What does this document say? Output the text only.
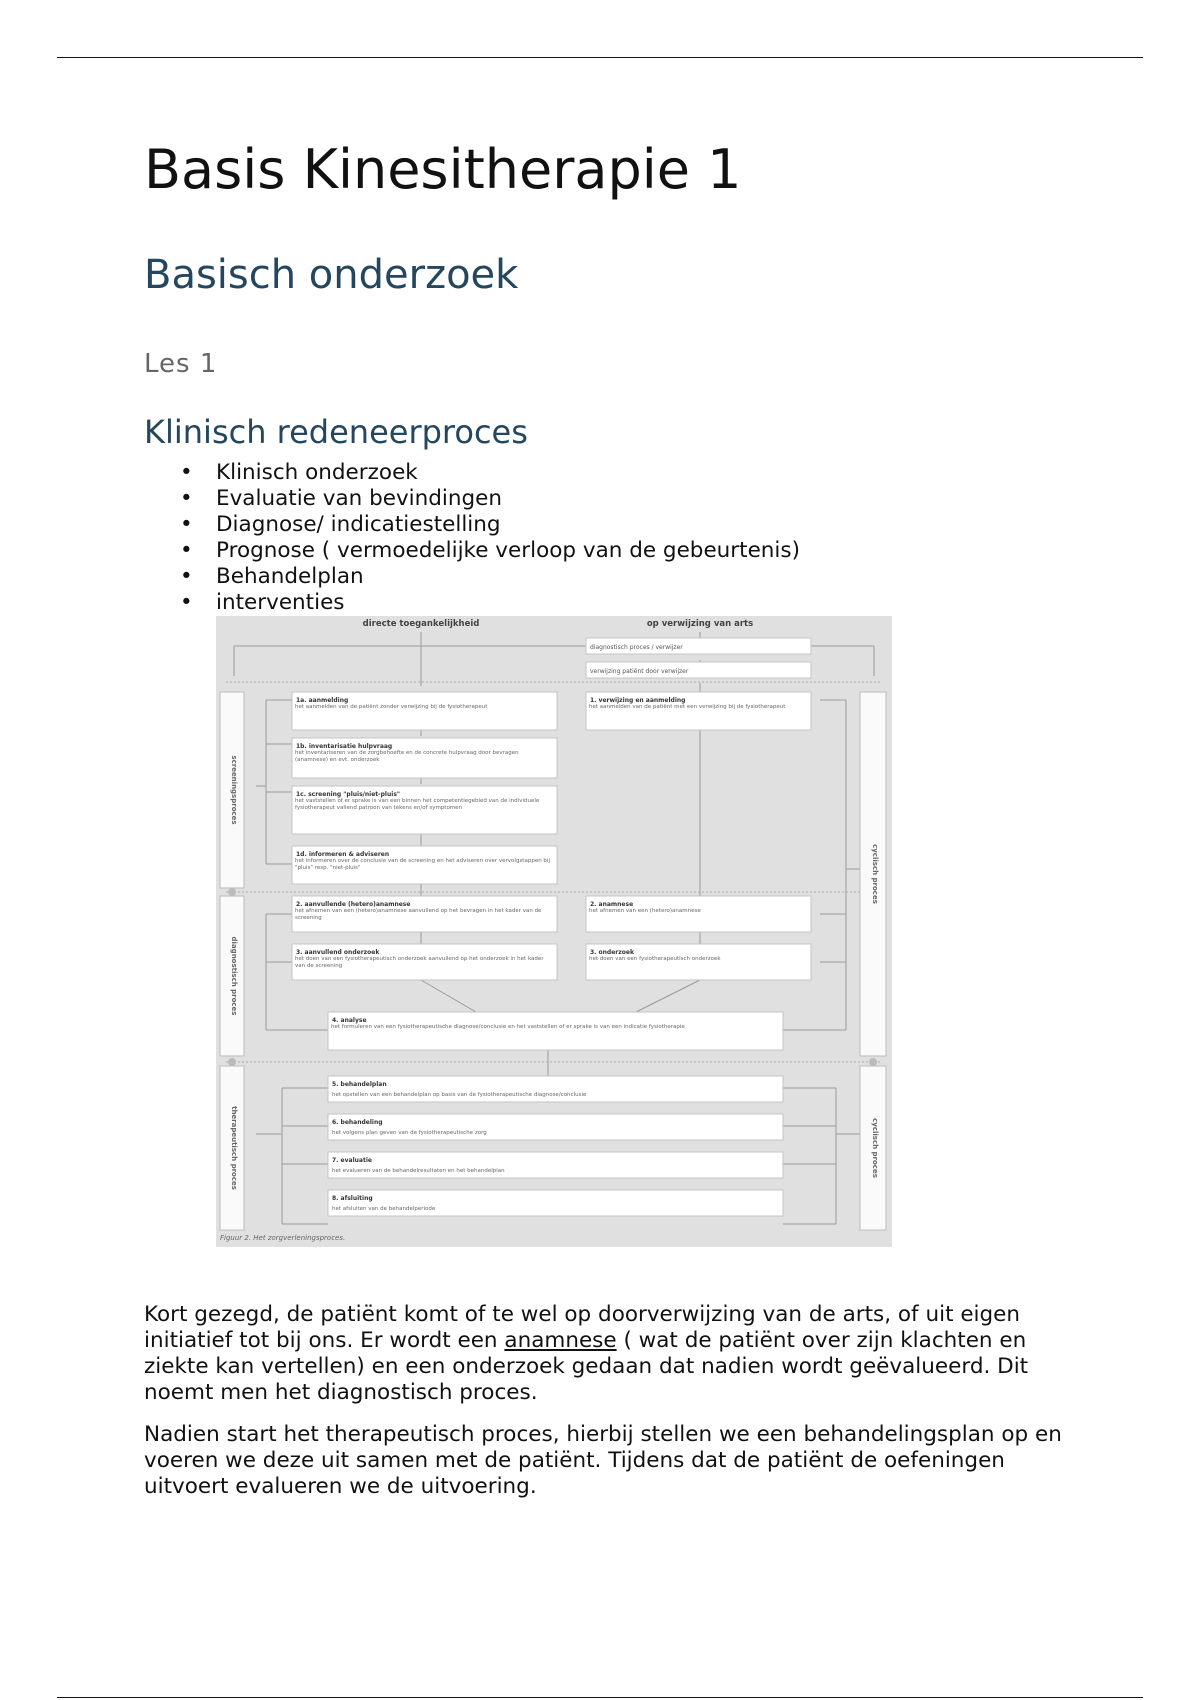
Basis Kinesitherapie 1
Basisch onderzoek
Les 1
Klinisch redeneerproces
• Klinisch onderzoek
• Evaluatie van bevindingen
• Diagnose/ indicatiestelling
• Prognose ( vermoedelijke verloop van de gebeurtenis)
• Behandelplan
• interventies

Kort gezegd, de patiënt komt of te wel op doorverwijzing van de arts, of uit eigen initiatief tot bij ons. Er wordt een anamnese ( wat de patiënt over zijn klachten en ziekte kan vertellen) en een onderzoek gedaan dat nadien wordt geëvalueerd. Dit noemt men het diagnostisch proces.

Nadien start het therapeutisch proces, hierbij stellen we een behandelingsplan op en voeren we deze uit samen met de patiënt. Tijdens dat de patiënt de oefeningen uitvoert evalueren we de uitvoering.

directe toegankelijkheid	op verwijzing van arts
screeningsproces
diagnostisch proces
therapeutisch proces
cyclisch proces
cyclisch proces
diagnostisch proces / verwijzer
verwijzing patiënt door verwijzer
1a. aanmelding
het aanmelden van de patiënt zonder verwijzing bij de fysiotherapeut
1. verwijzing en aanmelding
het aanmelden van de patiënt met een verwijzing bij de fysiotherapeut
1b. inventarisatie hulpvraag
het inventariseren van de zorgbehoefte en de concrete hulpvraag door bevragen (anamnese) en evt. onderzoek
1c. screening "pluis/niet-pluis"
het vaststellen of er sprake is van een binnen het competentiegebied van de individuele fysiotherapeut vallend patroon van tekens en/of symptomen
1d. informeren & adviseren
het informeren over de conclusie van de screening en het adviseren over vervolgstappen bij "pluis" resp. "niet-pluis"
2. aanvullende (hetero)anamnese
het afnemen van een (hetero)anamnese aanvullend op het bevragen in het kader van de screening
2. anamnese
het afnemen van een (hetero)anamnese
3. aanvullend onderzoek
het doen van een fysiotherapeutisch onderzoek aanvullend op het onderzoek in het kader van de screening
3. onderzoek
het doen van een fysiotherapeutisch onderzoek
4. analyse
het formuleren van een fysiotherapeutische diagnose/conclusie en het vaststellen of er sprake is van een indicatie fysiotherapie
5. behandelplan
het opstellen van een behandelplan op basis van de fysiotherapeutische diagnose/conclusie
6. behandeling
het volgens plan geven van de fysiotherapeutische zorg
7. evaluatie
het evalueren van de behandelresultaten en het behandelplan
8. afsluiting
het afsluiten van de behandelperiode
Figuur 2. Het zorgverleningsproces.
